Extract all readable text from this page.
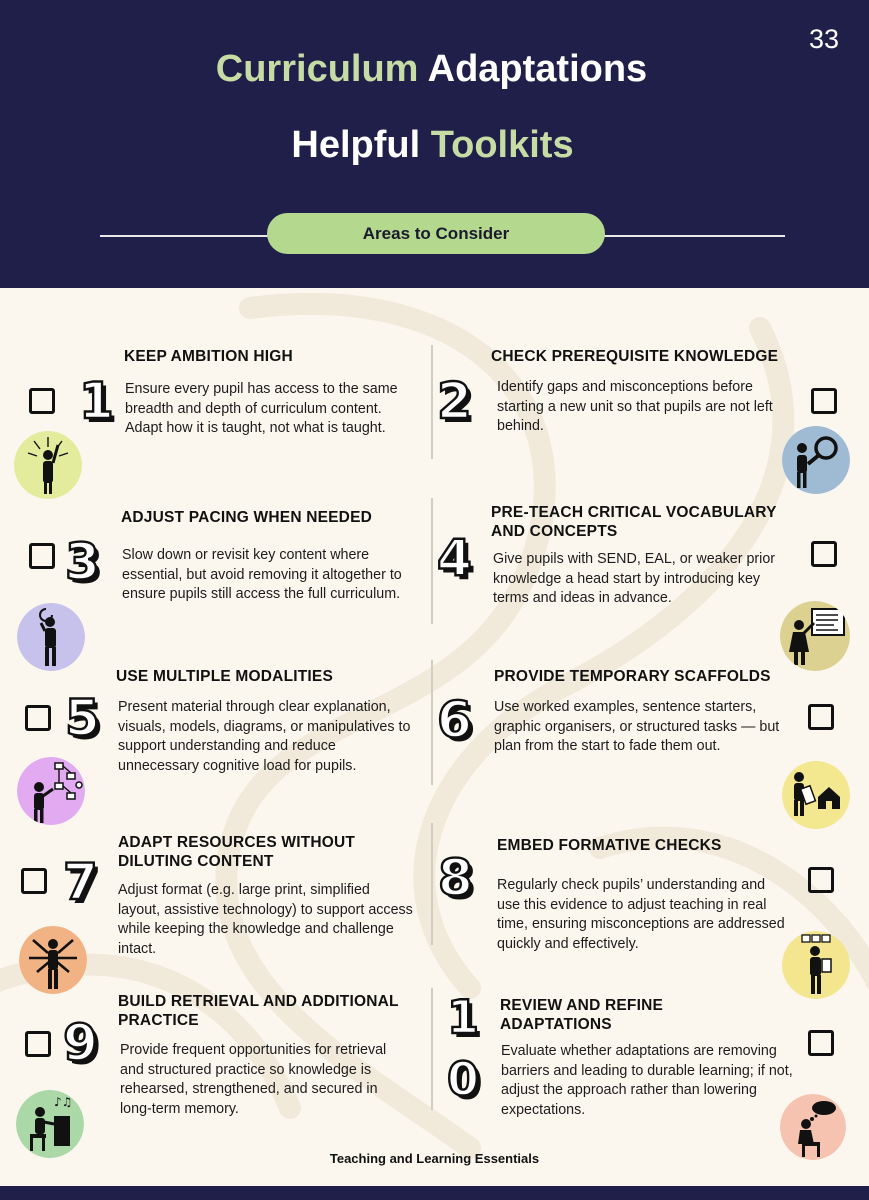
33
Curriculum Adaptations
Helpful Toolkits
Areas to Consider
KEEP AMBITION HIGH
1 Ensure every pupil has access to the same breadth and depth of curriculum content. Adapt how it is taught, not what is taught.
CHECK PREREQUISITE KNOWLEDGE
2 Identify gaps and misconceptions before starting a new unit so that pupils are not left behind.
ADJUST PACING WHEN NEEDED
3 Slow down or revisit key content where essential, but avoid removing it altogether to ensure pupils still access the full curriculum.
PRE-TEACH CRITICAL VOCABULARY AND CONCEPTS
4 Give pupils with SEND, EAL, or weaker prior knowledge a head start by introducing key terms and ideas in advance.
USE MULTIPLE MODALITIES
5 Present material through clear explanation, visuals, models, diagrams, or manipulatives to support understanding and reduce unnecessary cognitive load for pupils.
PROVIDE TEMPORARY SCAFFOLDS
6 Use worked examples, sentence starters, graphic organisers, or structured tasks — but plan from the start to fade them out.
ADAPT RESOURCES WITHOUT DILUTING CONTENT
7 Adjust format (e.g. large print, simplified layout, assistive technology) to support access while keeping the knowledge and challenge intact.
EMBED FORMATIVE CHECKS
8 Regularly check pupils’ understanding and use this evidence to adjust teaching in real time, ensuring misconceptions are addressed quickly and effectively.
BUILD RETRIEVAL AND ADDITIONAL PRACTICE
9 Provide frequent opportunities for retrieval and structured practice so knowledge is rehearsed, strengthened, and secured in long-term memory.
♪♫
REVIEW AND REFINE ADAPTATIONS
10
Evaluate whether adaptations are removing barriers and leading to durable learning; if not, adjust the approach rather than lowering expectations.
Teaching and Learning Essentials
